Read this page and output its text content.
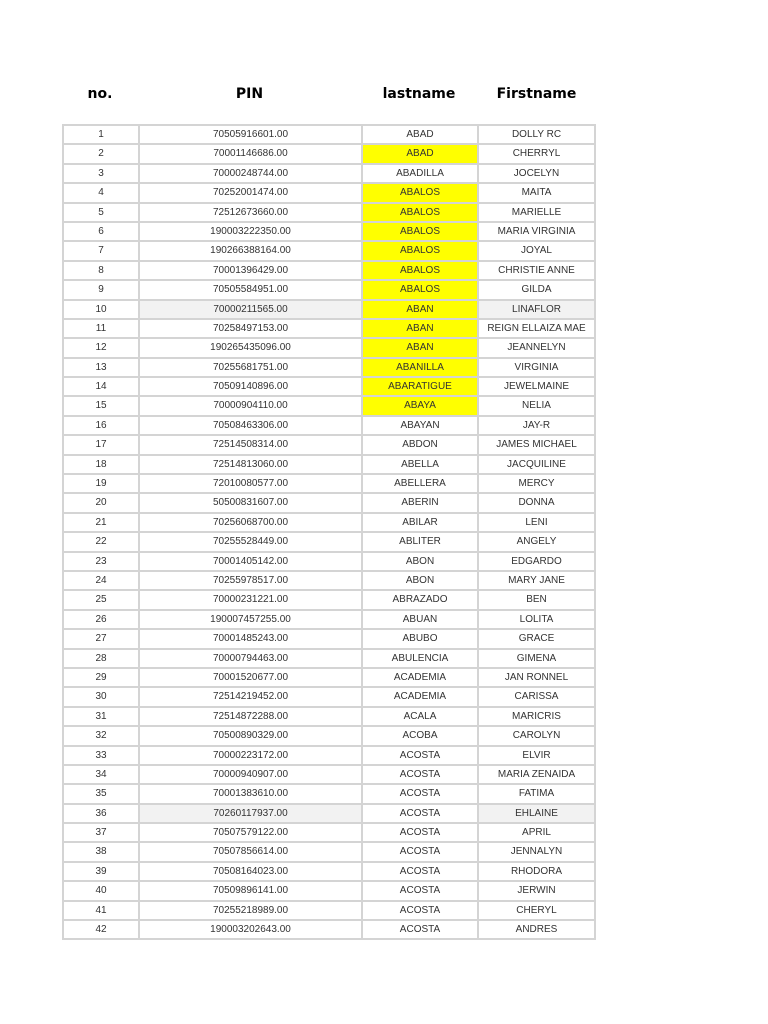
no.	PIN	lastname	Firstname
1	70505916601.00	ABAD	DOLLY RC
2	70001146686.00	ABAD	CHERRYL
3	70000248744.00	ABADILLA	JOCELYN
4	70252001474.00	ABALOS	MAITA
5	72512673660.00	ABALOS	MARIELLE
6	190003222350.00	ABALOS	MARIA VIRGINIA
7	190266388164.00	ABALOS	JOYAL
8	70001396429.00	ABALOS	CHRISTIE ANNE
9	70505584951.00	ABALOS	GILDA
10	70000211565.00	ABAN	LINAFLOR
11	70258497153.00	ABAN	REIGN ELLAIZA MAE
12	190265435096.00	ABAN	JEANNELYN
13	70255681751.00	ABANILLA	VIRGINIA
14	70509140896.00	ABARATIGUE	JEWELMAINE
15	70000904110.00	ABAYA	NELIA
16	70508463306.00	ABAYAN	JAY-R
17	72514508314.00	ABDON	JAMES MICHAEL
18	72514813060.00	ABELLA	JACQUILINE
19	72010080577.00	ABELLERA	MERCY
20	50500831607.00	ABERIN	DONNA
21	70256068700.00	ABILAR	LENI
22	70255528449.00	ABLITER	ANGELY
23	70001405142.00	ABON	EDGARDO
24	70255978517.00	ABON	MARY JANE
25	70000231221.00	ABRAZADO	BEN
26	190007457255.00	ABUAN	LOLITA
27	70001485243.00	ABUBO	GRACE
28	70000794463.00	ABULENCIA	GIMENA
29	70001520677.00	ACADEMIA	JAN RONNEL
30	72514219452.00	ACADEMIA	CARISSA
31	72514872288.00	ACALA	MARICRIS
32	70500890329.00	ACOBA	CAROLYN
33	70000223172.00	ACOSTA	ELVIR
34	70000940907.00	ACOSTA	MARIA ZENAIDA
35	70001383610.00	ACOSTA	FATIMA
36	70260117937.00	ACOSTA	EHLAINE
37	70507579122.00	ACOSTA	APRIL
38	70507856614.00	ACOSTA	JENNALYN
39	70508164023.00	ACOSTA	RHODORA
40	70509896141.00	ACOSTA	JERWIN
41	70255218989.00	ACOSTA	CHERYL
42	190003202643.00	ACOSTA	ANDRES
